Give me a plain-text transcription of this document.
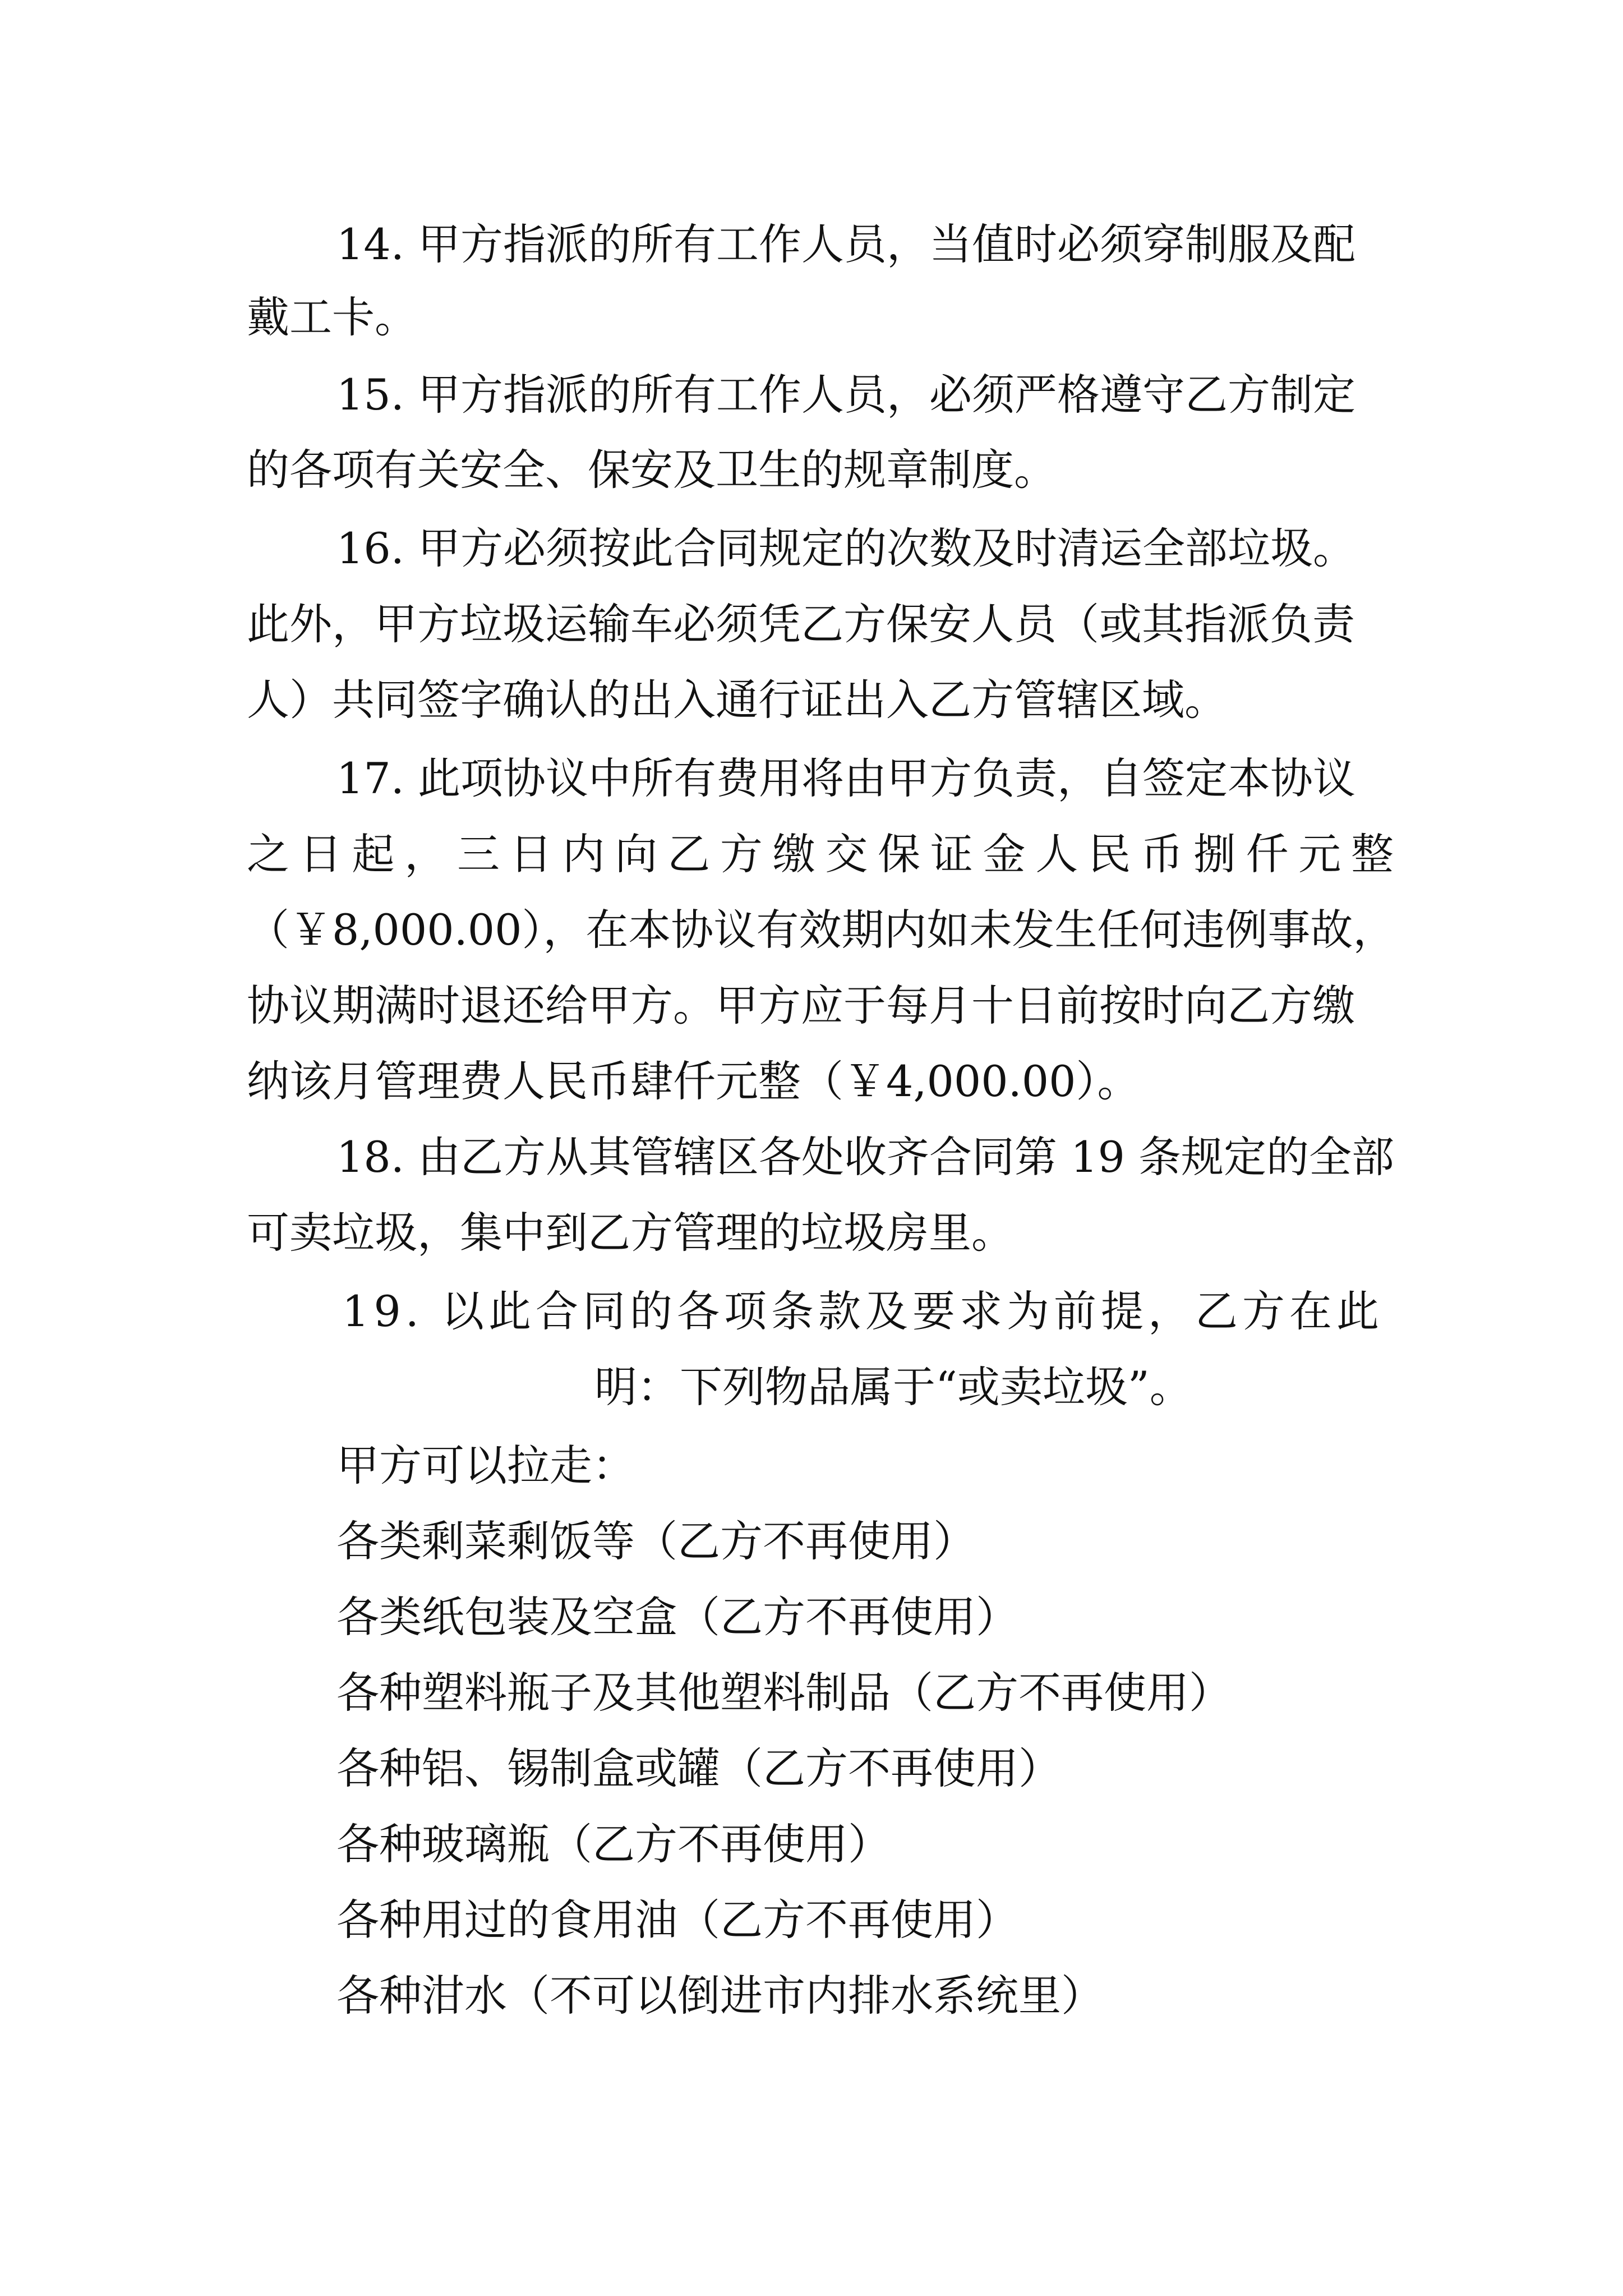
14. 甲方指派的所有工作人员，当值时必须穿制服及配
戴工卡。
15. 甲方指派的所有工作人员，必须严格遵守乙方制定
的各项有关安全、保安及卫生的规章制度。
16. 甲方必须按此合同规定的次数及时清运全部垃圾。
此外，甲方垃圾运输车必须凭乙方保安人员（或其指派负责
人）共同签字确认的出入通行证出入乙方管辖区域。
17. 此项协议中所有费用将由甲方负责，自签定本协议
之日起，三日内向乙方缴交保证金人民币捌仟元整
（￥8,000.00），在本协议有效期内如未发生任何违例事故，
协议期满时退还给甲方。甲方应于每月十日前按时向乙方缴
纳该月管理费人民币肆仟元整（￥4,000.00）。
18. 由乙方从其管辖区各处收齐合同第 19 条规定的全部
可卖垃圾，集中到乙方管理的垃圾房里。
19. 以此合同的各项条款及要求为前提，乙方在此
明：下列物品属于“或卖垃圾”。
甲方可以拉走：
各类剩菜剩饭等（乙方不再使用）
各类纸包装及空盒（乙方不再使用）
各种塑料瓶子及其他塑料制品（乙方不再使用）
各种铝、锡制盒或罐（乙方不再使用）
各种玻璃瓶（乙方不再使用）
各种用过的食用油（乙方不再使用）
各种泔水（不可以倒进市内排水系统里）
